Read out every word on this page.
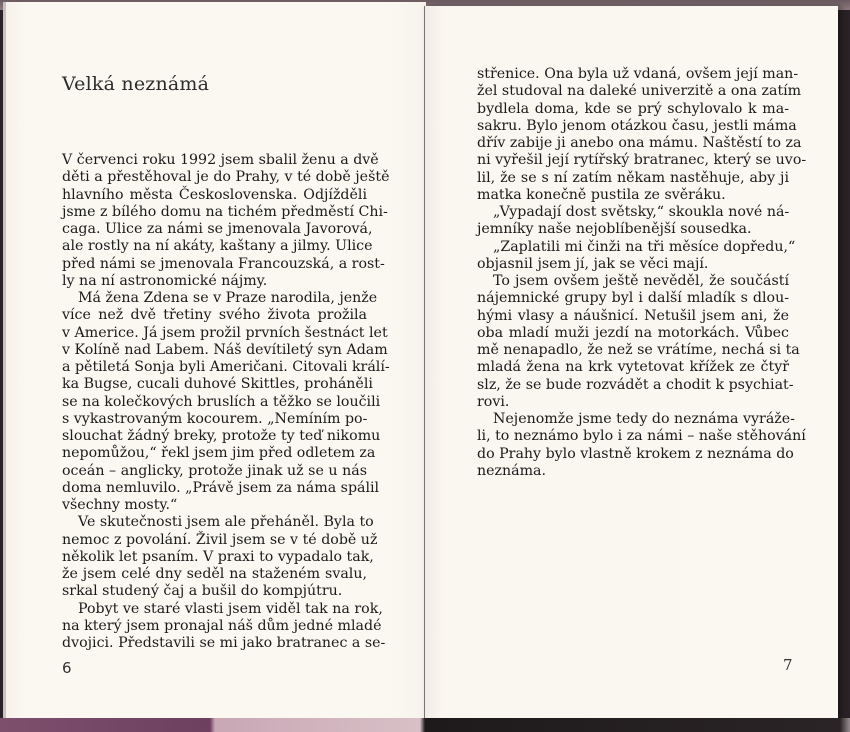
Velká neznámá
V červenci roku 1992 jsem sbalil ženu a dvě
děti a přestěhoval je do Prahy, v té době ještě
hlavního města Československa. Odjížděli
jsme z bílého domu na tichém předměstí Chi-
caga. Ulice za námi se jmenovala Javorová,
ale rostly na ní akáty, kaštany a jilmy. Ulice
před námi se jmenovala Francouzská, a rost-
ly na ní astronomické nájmy.
Má žena Zdena se v Praze narodila, jenže
více než dvě třetiny svého života prožila
v Americe. Já jsem prožil prvních šestnáct let
v Kolíně nad Labem. Náš devítiletý syn Adam
a pětiletá Sonja byli Američani. Citovali králí-
ka Bugse, cucali duhové Skittles, proháněli
se na kolečkových bruslích a těžko se loučili
s vykastrovaným kocourem. „Nemíním po-
slouchat žádný breky, protože ty teď nikomu
nepomůžou,“ řekl jsem jim před odletem za
oceán – anglicky, protože jinak už se u nás
doma nemluvilo. „Právě jsem za náma spálil
všechny mosty.“
Ve skutečnosti jsem ale přeháněl. Byla to
nemoc z povolání. Živil jsem se v té době už
několik let psaním. V praxi to vypadalo tak,
že jsem celé dny seděl na staženém svalu,
srkal studený čaj a bušil do kompjútru.
Pobyt ve staré vlasti jsem viděl tak na rok,
na který jsem pronajal náš dům jedné mladé
dvojici. Představili se mi jako bratranec a se-
6
střenice. Ona byla už vdaná, ovšem její man-
žel studoval na daleké univerzitě a ona zatím
bydlela doma, kde se prý schylovalo k ma-
sakru. Bylo jenom otázkou času, jestli máma
dřív zabije ji anebo ona mámu. Naštěstí to za
ni vyřešil její rytířský bratranec, který se uvo-
lil, že se s ní zatím někam nastěhuje, aby ji
matka konečně pustila ze svěráku.
„Vypadají dost světsky,“ skoukla nové ná-
jemníky naše nejoblíbenější sousedka.
„Zaplatili mi činži na tři měsíce dopředu,“
objasnil jsem jí, jak se věci mají.
To jsem ovšem ještě nevěděl, že součástí
nájemnické grupy byl i další mladík s dlou-
hými vlasy a náušnicí. Netušil jsem ani, že
oba mladí muži jezdí na motorkách. Vůbec
mě nenapadlo, že než se vrátíme, nechá si ta
mladá žena na krk vytetovat křížek ze čtyř
slz, že se bude rozvádět a chodit k psychiat-
rovi.
Nejenomže jsme tedy do neznáma vyráže-
li, to neznámo bylo i za námi – naše stěhování
do Prahy bylo vlastně krokem z neznáma do
neznáma.
7
